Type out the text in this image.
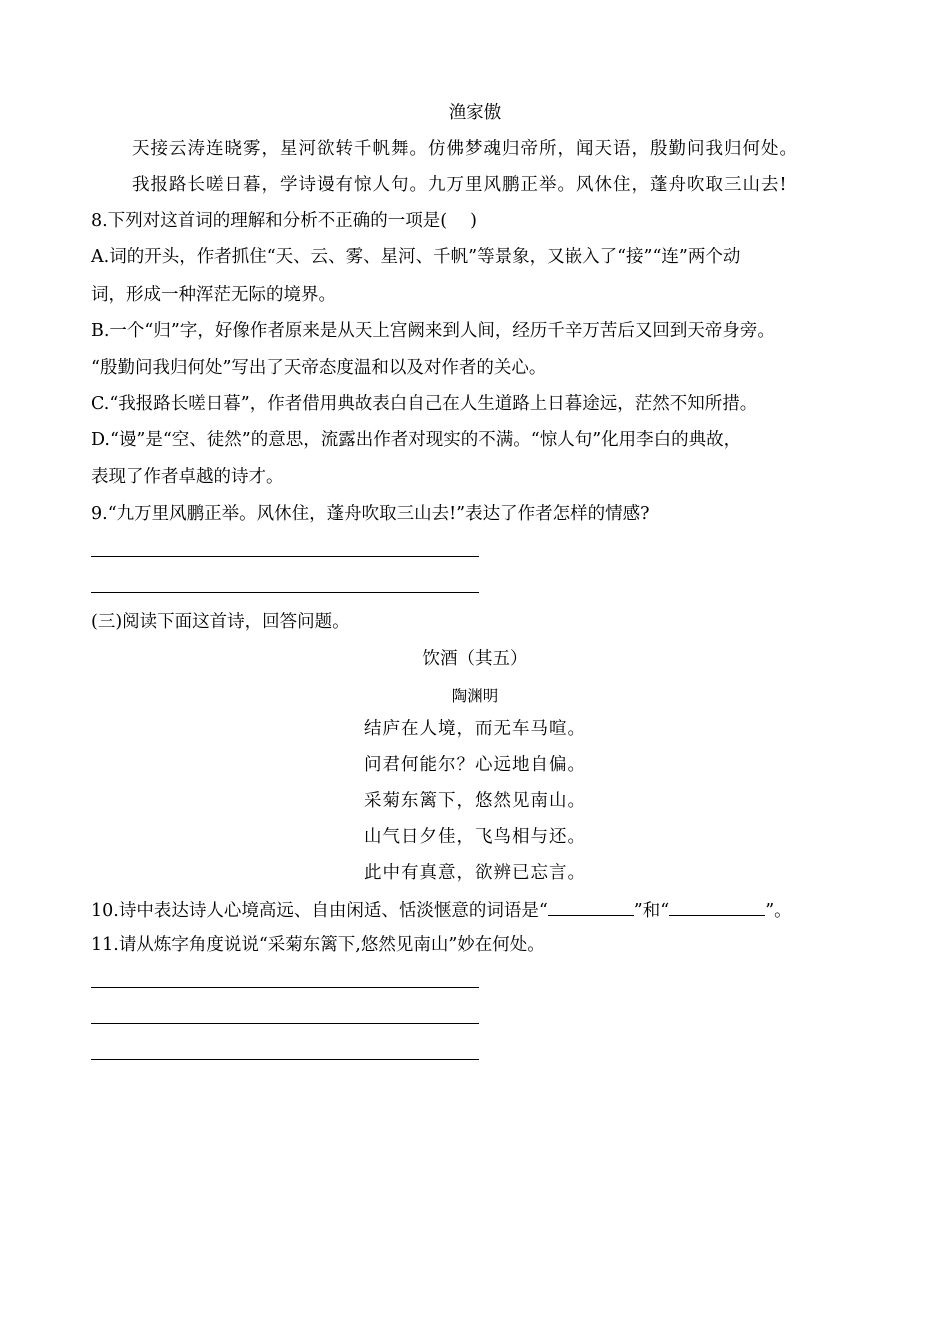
渔家傲
天接云涛连晓雾，星河欲转千帆舞。仿佛梦魂归帝所，闻天语，殷勤问我归何处。
我报路长嗟日暮，学诗谩有惊人句。九万里风鹏正举。风休住，蓬舟吹取三山去!
8.下列对这首词的理解和分析不正确的一项是(　 )
A.词的开头，作者抓住“天、云、雾、星河、千帆”等景象，又嵌入了“接”“连”两个动
词，形成一种浑茫无际的境界。
B.一个“归”字，好像作者原来是从天上宫阙来到人间，经历千辛万苦后又回到天帝身旁。
“殷勤问我归何处”写出了天帝态度温和以及对作者的关心。
C.“我报路长嗟日暮”，作者借用典故表白自己在人生道路上日暮途远，茫然不知所措。
D.“谩”是“空、徒然”的意思，流露出作者对现实的不满。“惊人句”化用李白的典故，
表现了作者卓越的诗才。
9.“九万里风鹏正举。风休住，蓬舟吹取三山去!”表达了作者怎样的情感?
(三)阅读下面这首诗，回答问题。
饮酒（其五）
陶渊明
结庐在人境，而无车马喧。
问君何能尔？心远地自偏。
采菊东篱下，悠然见南山。
山气日夕佳，飞鸟相与还。
此中有真意，欲辨已忘言。
10.诗中表达诗人心境高远、自由闲适、恬淡惬意的词语是“	”和“	”。
11.请从炼字角度说说“采菊东篱下,悠然见南山”妙在何处。
